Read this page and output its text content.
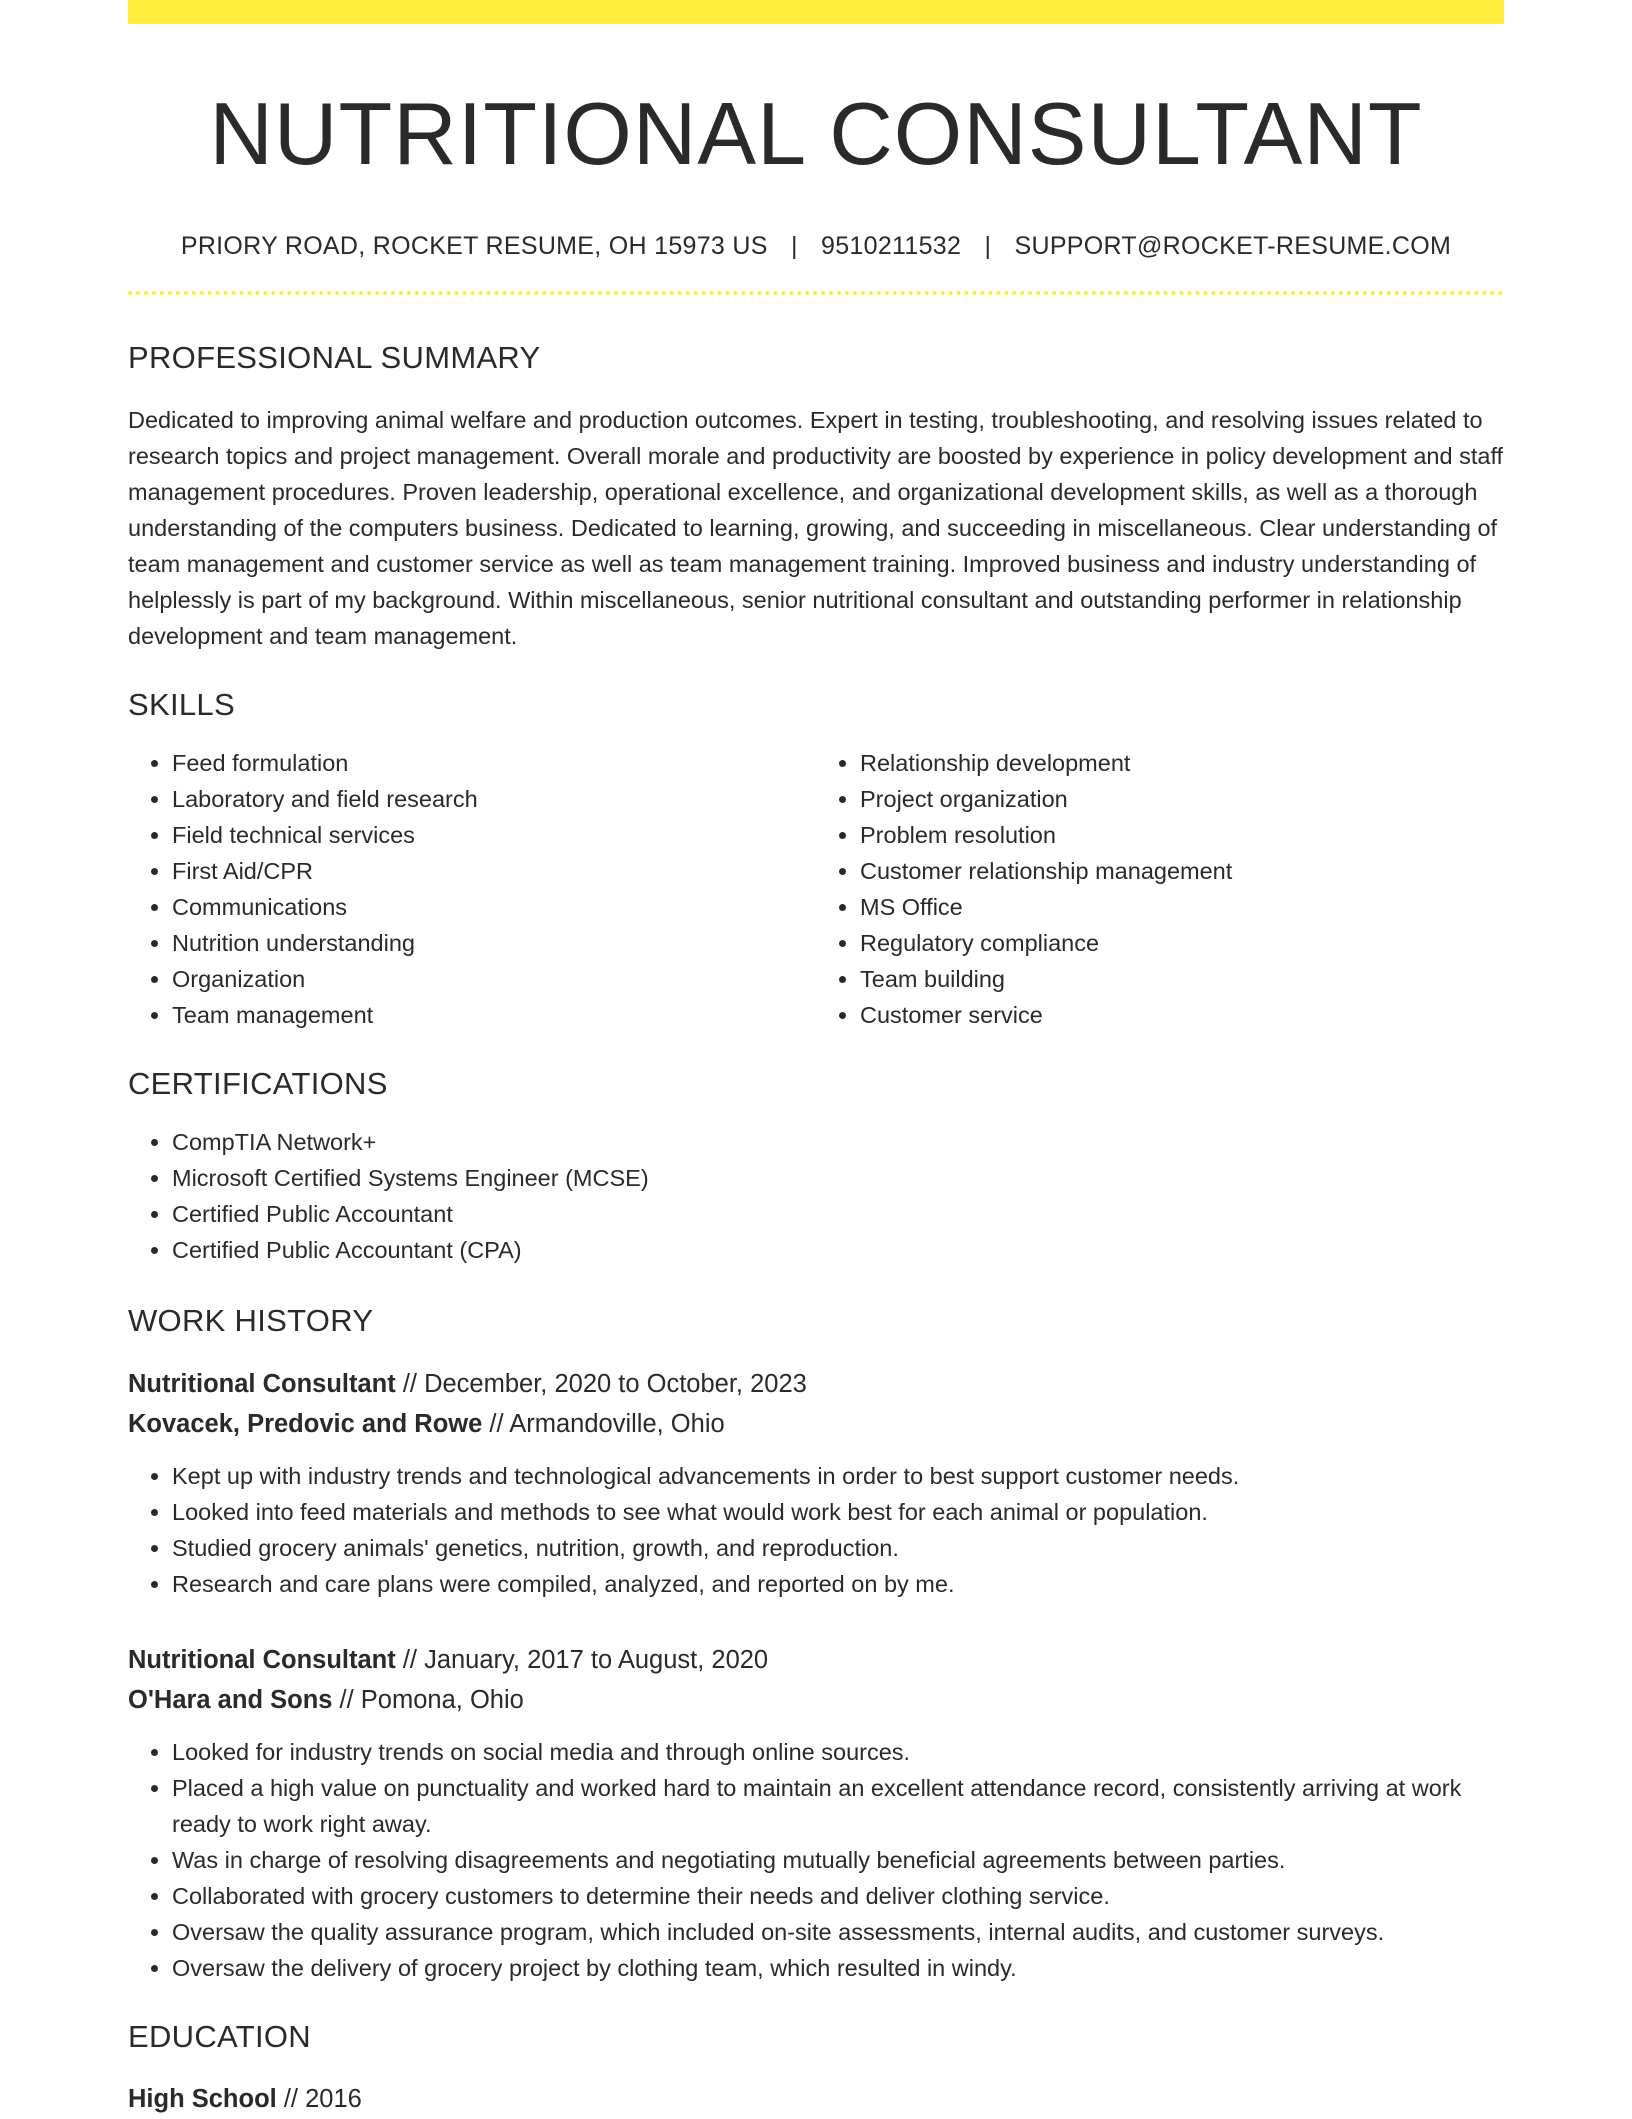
NUTRITIONAL CONSULTANT
PRIORY ROAD, ROCKET RESUME, OH 15973 US | 9510211532 | SUPPORT@ROCKET-RESUME.COM
PROFESSIONAL SUMMARY

Dedicated to improving animal welfare and production outcomes. Expert in testing, troubleshooting, and resolving issues related to research topics and project management. Overall morale and productivity are boosted by experience in policy development and staff management procedures. Proven leadership, operational excellence, and organizational development skills, as well as a thorough understanding of the computers business. Dedicated to learning, growing, and succeeding in miscellaneous. Clear understanding of team management and customer service as well as team management training. Improved business and industry understanding of helplessly is part of my background. Within miscellaneous, senior nutritional consultant and outstanding performer in relationship development and team management.

SKILLS
• Feed formulation
• Laboratory and field research
• Field technical services
• First Aid/CPR
• Communications
• Nutrition understanding
• Organization
• Team management
• Relationship development
• Project organization
• Problem resolution
• Customer relationship management
• MS Office
• Regulatory compliance
• Team building
• Customer service
CERTIFICATIONS
• CompTIA Network+
• Microsoft Certified Systems Engineer (MCSE)
• Certified Public Accountant
• Certified Public Accountant (CPA)
WORK HISTORY
Nutritional Consultant // December, 2020 to October, 2023
Kovacek, Predovic and Rowe // Armandoville, Ohio
• Kept up with industry trends and technological advancements in order to best support customer needs.
• Looked into feed materials and methods to see what would work best for each animal or population.
• Studied grocery animals' genetics, nutrition, growth, and reproduction.
• Research and care plans were compiled, analyzed, and reported on by me.
Nutritional Consultant // January, 2017 to August, 2020
O'Hara and Sons // Pomona, Ohio
• Looked for industry trends on social media and through online sources.
• Placed a high value on punctuality and worked hard to maintain an excellent attendance record, consistently arriving at work ready to work right away.
• Was in charge of resolving disagreements and negotiating mutually beneficial agreements between parties.
• Collaborated with grocery customers to determine their needs and deliver clothing service.
• Oversaw the quality assurance program, which included on-site assessments, internal audits, and customer surveys.
• Oversaw the delivery of grocery project by clothing team, which resulted in windy.
EDUCATION
High School // 2016
